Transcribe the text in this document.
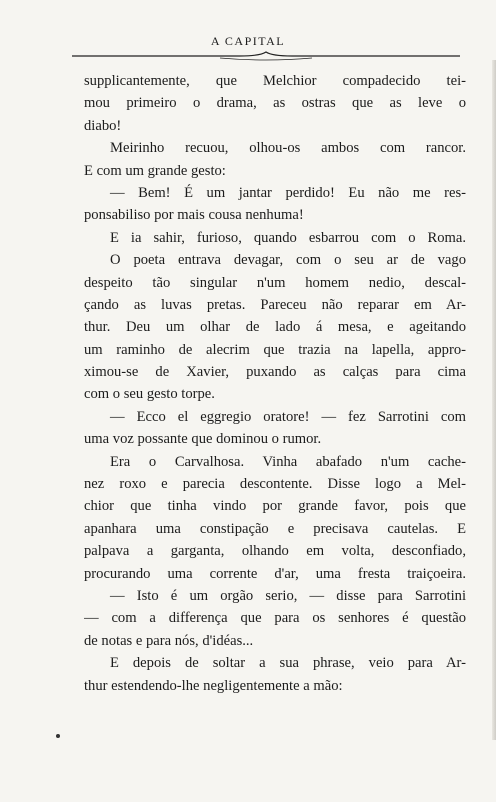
A CAPITAL
supplicantemente, que Melchior compadecido tei-
mou primeiro o drama, as ostras que as leve o
diabo!
Meirinho recuou, olhou-os ambos com rancor.
E com um grande gesto:
— Bem! É um jantar perdido! Eu não me res-
ponsabiliso por mais cousa nenhuma!
E ia sahir, furioso, quando esbarrou com o Roma.
O poeta entrava devagar, com o seu ar de vago
despeito tão singular n'um homem nedio, descal-
çando as luvas pretas. Pareceu não reparar em Ar-
thur. Deu um olhar de lado á mesa, e ageitando
um raminho de alecrim que trazia na lapella, appro-
ximou-se de Xavier, puxando as calças para cima
com o seu gesto torpe.
— Ecco el eggregio oratore! — fez Sarrotini com
uma voz possante que dominou o rumor.
Era o Carvalhosa. Vinha abafado n'um cache-
nez roxo e parecia descontente. Disse logo a Mel-
chior que tinha vindo por grande favor, pois que
apanhara uma constipação e precisava cautelas. E
palpava a garganta, olhando em volta, desconfiado,
procurando uma corrente d'ar, uma fresta traiçoeira.
— Isto é um orgão serio, — disse para Sarrotini
— com a differença que para os senhores é questão
de notas e para nós, d'idéas...
E depois de soltar a sua phrase, veio para Ar-
thur estendendo-lhe negligentemente a mão:
